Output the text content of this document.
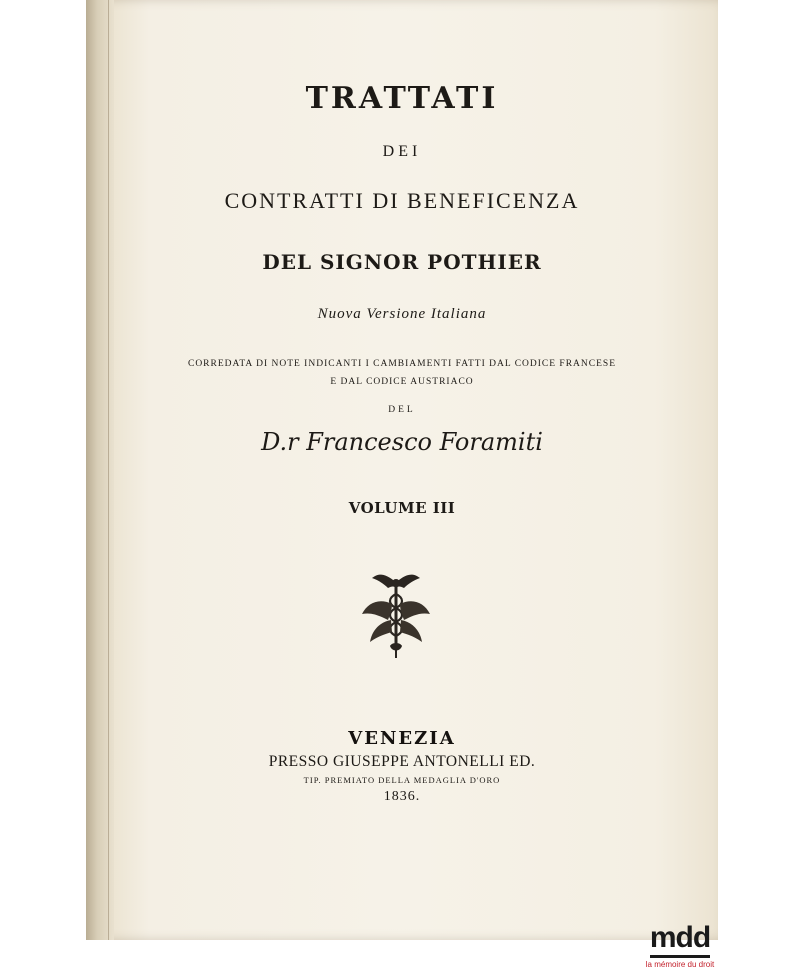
TRATTATI
DEI
CONTRATTI DI BENEFICENZA
DEL SIGNOR POTHIER
Nuova Versione Italiana
CORREDATA DI NOTE INDICANTI I CAMBIAMENTI FATTI DAL CODICE FRANCESE
E DAL CODICE AUSTRIACO
DEL
D.r Francesco Foramiti
VOLUME III
VENEZIA
PRESSO GIUSEPPE ANTONELLI ED.
TIP. PREMIATO DELLA MEDAGLIA D'ORO
1836.
mdd
la mémoire du droit
